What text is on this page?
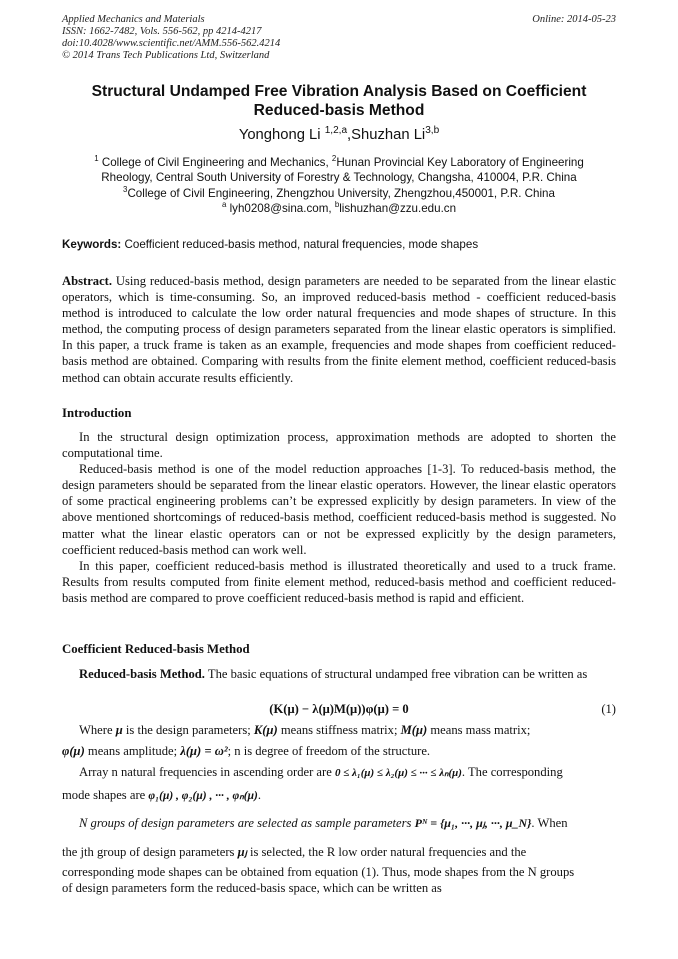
Applied Mechanics and Materials
ISSN: 1662-7482, Vols. 556-562, pp 4214-4217
doi:10.4028/www.scientific.net/AMM.556-562.4214
© 2014 Trans Tech Publications Ltd, Switzerland
Online: 2014-05-23
Structural Undamped Free Vibration Analysis Based on Coefficient
Reduced-basis Method
Yonghong Li $^{1,2,a}$,Shuzhan Li$^{3,b}$
$^1$ College of Civil Engineering and Mechanics, $^2$Hunan Provincial Key Laboratory of Engineering
Rheology, Central South University of Forestry & Technology, Changsha, 410004, P.R. China
$^3$College of Civil Engineering, Zhengzhou University, Zhengzhou,450001, P.R. China
$^a$ lyh0208@sina.com, $^b$lishuzhan@zzu.edu.cn
Keywords: Coefficient reduced-basis method, natural frequencies, mode shapes
Abstract. Using reduced-basis method, design parameters are needed to be separated from the linear elastic operators, which is time-consuming. So, an improved reduced-basis method - coefficient reduced-basis method is introduced to calculate the low order natural frequencies and mode shapes of structure. In this method, the computing process of design parameters separated from the linear elastic operators is simplified. In this paper, a truck frame is taken as an example, frequencies and mode shapes from coefficient reduced-basis method are obtained. Comparing with results from the finite element method, coefficient reduced-basis method can obtain accurate results efficiently.
Introduction

In the structural design optimization process, approximation methods are adopted to shorten the computational time.

Reduced-basis method is one of the model reduction approaches [1-3]. To reduced-basis method, the design parameters should be separated from the linear elastic operators. However, the linear elastic operators of some practical engineering problems can’t be expressed explicitly by design parameters. In view of the above mentioned shortcomings of reduced-basis method, coefficient reduced-basis method is suggested. No matter what the linear elastic operators can or not be expressed explicitly by the design parameters, coefficient reduced-basis method can work well.

In this paper, coefficient reduced-basis method is illustrated theoretically and used to a truck frame. Results from results computed from finite element method, reduced-basis method and coefficient reduced-basis method are compared to prove coefficient reduced-basis method is rapid and efficient.

Coefficient Reduced-basis Method

Reduced-basis Method. The basic equations of structural undamped free vibration can be written as

(K(μ) − λ(μ)M(μ))φ(μ) = 0	(1)
Where μ is the design parameters; K(μ) means stiffness matrix; M(μ) means mass matrix;
φ(μ) means amplitude; λ(μ) = ω²; n is degree of freedom of the structure.
Array n natural frequencies in ascending order are 0 ≤ λ₁(μ) ≤ λ₂(μ) ≤ ··· ≤ λₙ(μ). The corresponding
mode shapes are φ₁(μ) , φ₂(μ) , ··· , φₙ(μ).
N groups of design parameters are selected as sample parameters Pᴺ = {μ₁, ···, μⱼ, ···, μ_N}. When
the jth group of design parameters μⱼ is selected, the R low order natural frequencies and the
corresponding mode shapes can be obtained from equation (1). Thus, mode shapes from the N groups
of design parameters form the reduced-basis space, which can be written as
